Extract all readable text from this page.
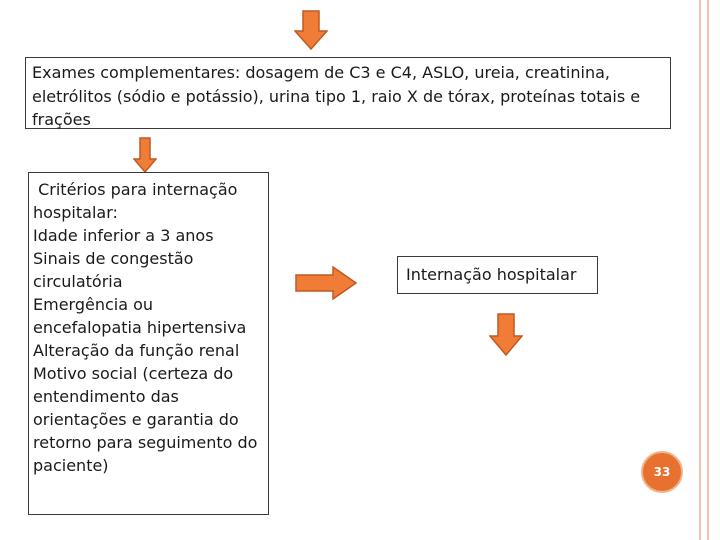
Exames complementares: dosagem de C3 e C4, ASLO, ureia, creatinina, eletrólitos (sódio e potássio), urina tipo 1, raio X de tórax, proteínas totais e frações
Critérios para internação hospitalar:
Idade inferior a 3 anos
Sinais de congestão circulatória
Emergência ou encefalopatia hipertensiva
Alteração da função renal
Motivo social (certeza do entendimento das orientações e garantia do retorno para seguimento do paciente)
Internação hospitalar
33
